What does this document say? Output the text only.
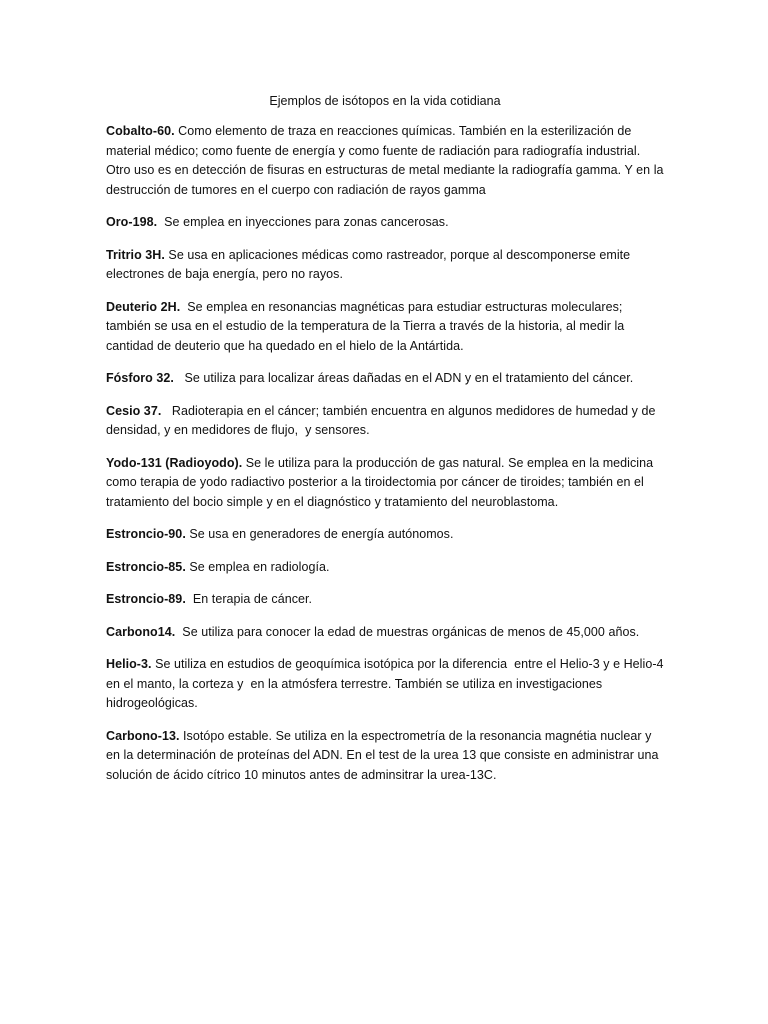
Ejemplos de isótopos en la vida cotidiana

Cobalto-60. Como elemento de traza en reacciones químicas. También en la esterilización de material médico; como fuente de energía y como fuente de radiación para radiografía industrial. Otro uso es en detección de fisuras en estructuras de metal mediante la radiografía gamma. Y en la destrucción de tumores en el cuerpo con radiación de rayos gamma

Oro-198.  Se emplea en inyecciones para zonas cancerosas.

Tritrio 3H. Se usa en aplicaciones médicas como rastreador, porque al descomponerse emite electrones de baja energía, pero no rayos.

Deuterio 2H.  Se emplea en resonancias magnéticas para estudiar estructuras moleculares; también se usa en el estudio de la temperatura de la Tierra a través de la historia, al medir la cantidad de deuterio que ha quedado en el hielo de la Antártida.

Fósforo 32.   Se utiliza para localizar áreas dañadas en el ADN y en el tratamiento del cáncer.

Cesio 37.   Radioterapia en el cáncer; también encuentra en algunos medidores de humedad y de densidad, y en medidores de flujo,  y sensores.

Yodo-131 (Radioyodo). Se le utiliza para la producción de gas natural. Se emplea en la medicina como terapia de yodo radiactivo posterior a la tiroidectomia por cáncer de tiroides; también en el tratamiento del bocio simple y en el diagnóstico y tratamiento del neuroblastoma.

Estroncio-90. Se usa en generadores de energía autónomos.

Estroncio-85. Se emplea en radiología.

Estroncio-89.  En terapia de cáncer.

Carbono14.  Se utiliza para conocer la edad de muestras orgánicas de menos de 45,000 años.

Helio-3. Se utiliza en estudios de geoquímica isotópica por la diferencia  entre el Helio-3 y e Helio-4 en el manto, la corteza y  en la atmósfera terrestre. También se utiliza en investigaciones hidrogeológicas.

Carbono-13. Isotópo estable. Se utiliza en la espectrometría de la resonancia magnétia nuclear y en la determinación de proteínas del ADN. En el test de la urea 13 que consiste en administrar una solución de ácido cítrico 10 minutos antes de adminsitrar la urea-13C.
